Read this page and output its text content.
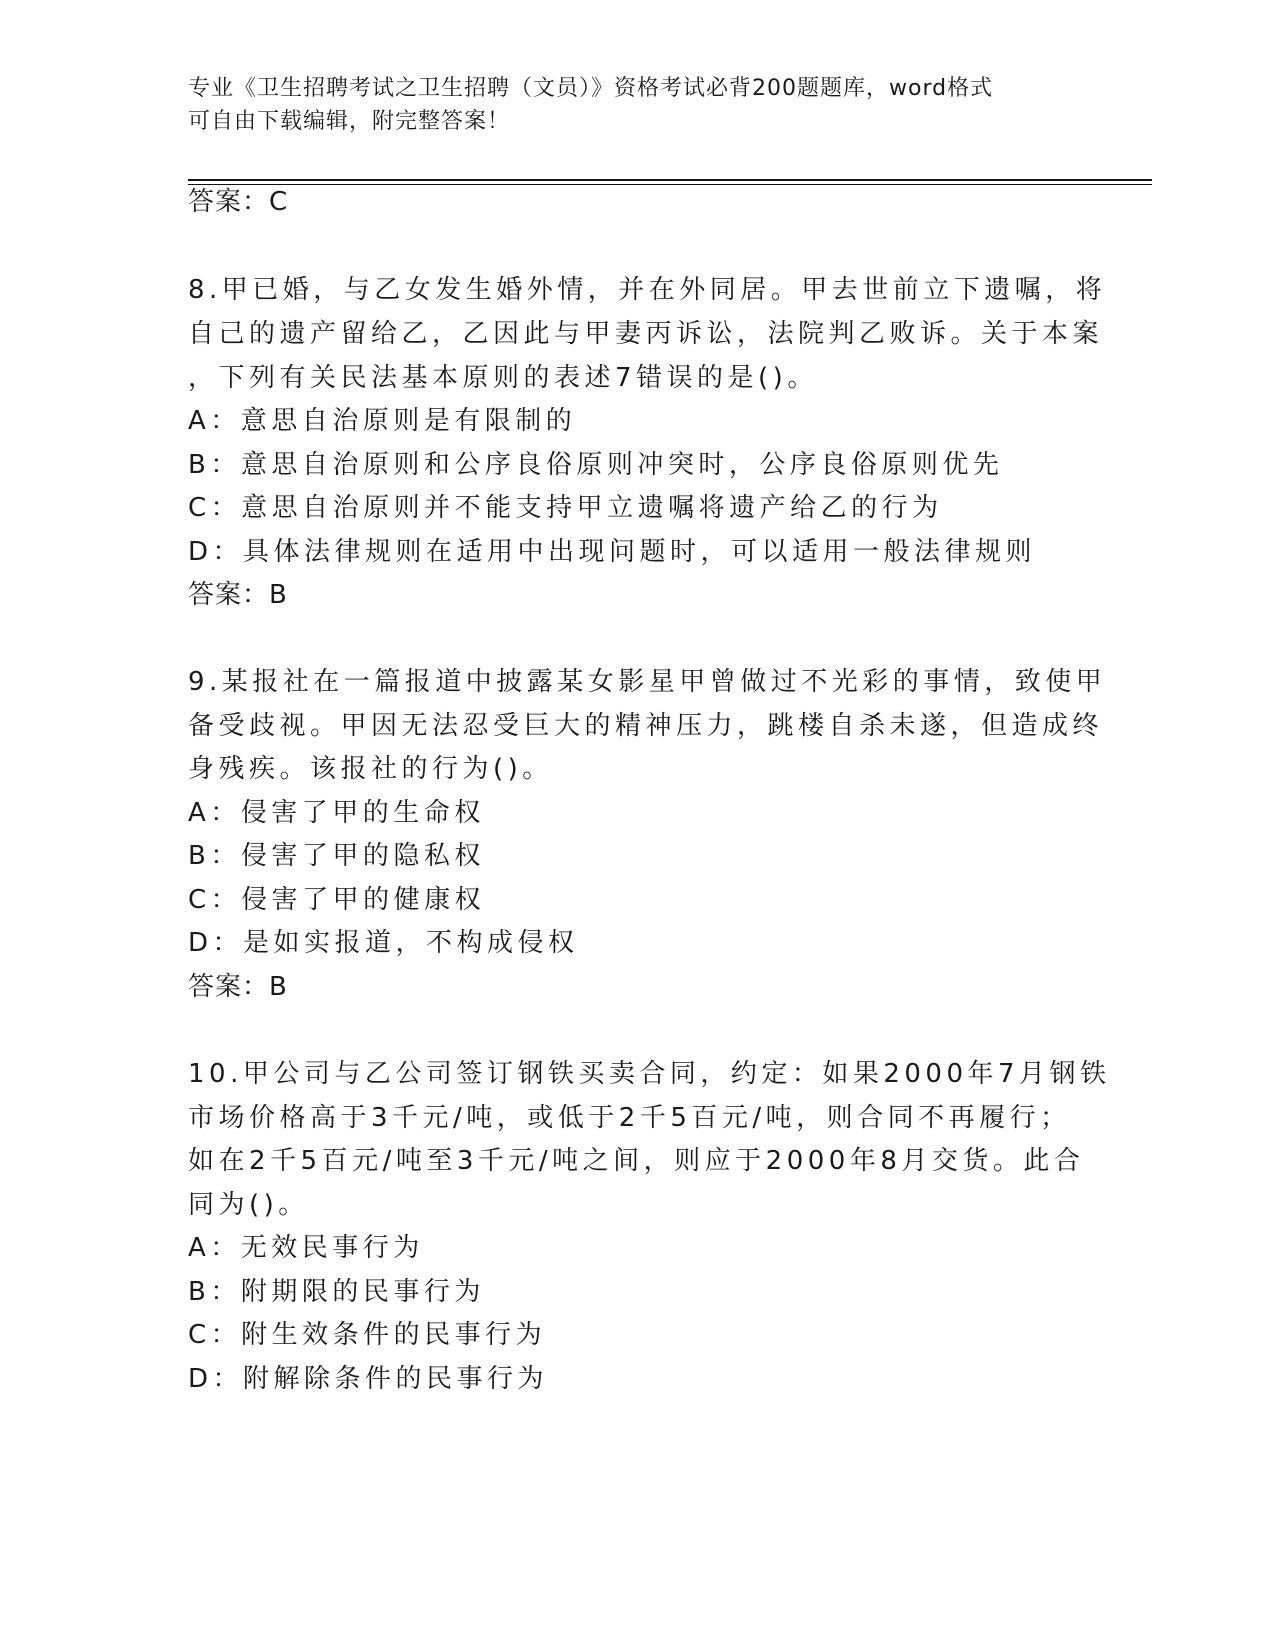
专业《卫生招聘考试之卫生招聘（文员）》资格考试必背200题题库，word格式
可自由下载编辑，附完整答案！
答案：C
8.甲已婚，与乙女发生婚外情，并在外同居。甲去世前立下遗嘱，将
自己的遗产留给乙，乙因此与甲妻丙诉讼，法院判乙败诉。关于本案
，下列有关民法基本原则的表述7错误的是()。
A：意思自治原则是有限制的
B：意思自治原则和公序良俗原则冲突时，公序良俗原则优先
C：意思自治原则并不能支持甲立遗嘱将遗产给乙的行为
D：具体法律规则在适用中出现问题时，可以适用一般法律规则
答案：B
9.某报社在一篇报道中披露某女影星甲曾做过不光彩的事情，致使甲
备受歧视。甲因无法忍受巨大的精神压力，跳楼自杀未遂，但造成终
身残疾。该报社的行为()。
A：侵害了甲的生命权
B：侵害了甲的隐私权
C：侵害了甲的健康权
D：是如实报道，不构成侵权
答案：B
10.甲公司与乙公司签订钢铁买卖合同，约定：如果2000年7月钢铁
市场价格高于3千元/吨，或低于2千5百元/吨，则合同不再履行；
如在2千5百元/吨至3千元/吨之间，则应于2000年8月交货。此合
同为()。
A：无效民事行为
B：附期限的民事行为
C：附生效条件的民事行为
D：附解除条件的民事行为
